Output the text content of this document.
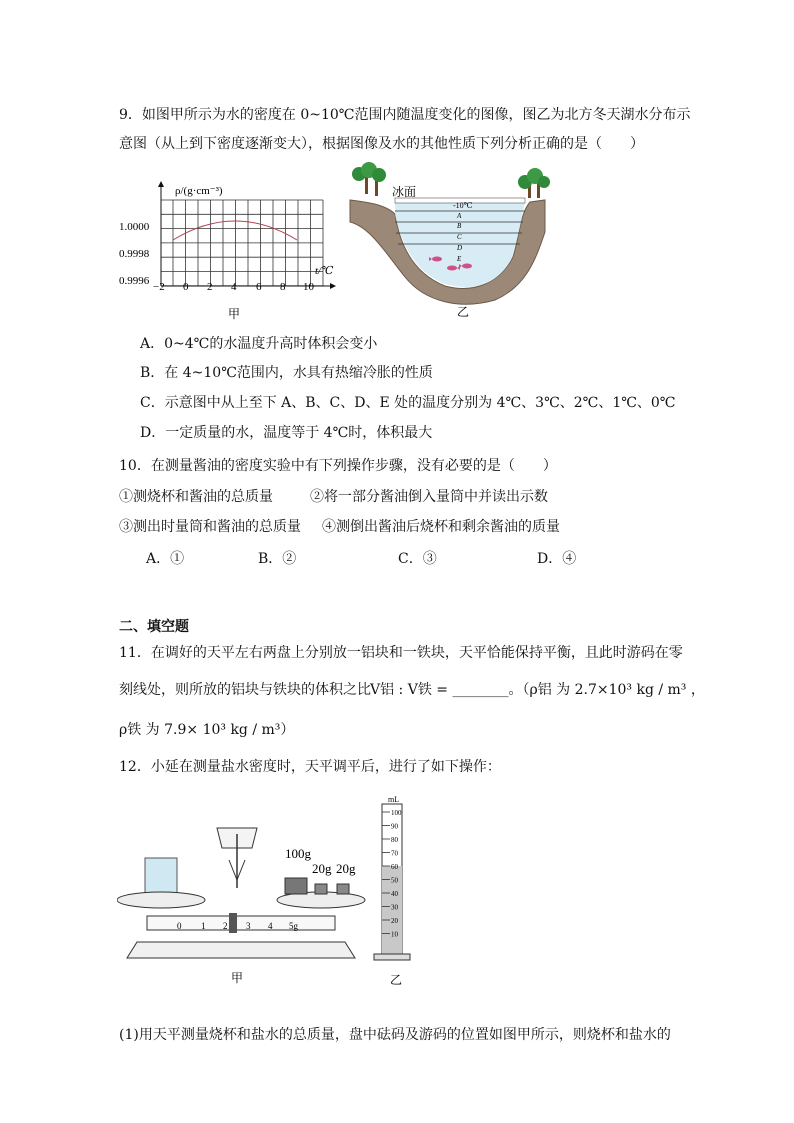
9．如图甲所示为水的密度在 0~10℃范围内随温度变化的图像，图乙为北方冬天湖水分布示
意图（从上到下密度逐渐变大），根据图像及水的其他性质下列分析正确的是（　　）
ρ/(g·cm⁻³)
t/℃
1.0000
0.9998
0.9996 −2 0 2 4 6 8 10
甲
冰面
-10℃
A
B
C
D
E
乙
A．0~4℃的水温度升高时体积会变小
B．在 4~10℃范围内，水具有热缩冷胀的性质
C．示意图中从上至下 A、B、C、D、E 处的温度分别为 4℃、3℃、2℃、1℃、0℃
D．一定质量的水，温度等于 4℃时，体积最大
10．在测量酱油的密度实验中有下列操作步骤，没有必要的是（　　）
①测烧杯和酱油的总质量	②将一部分酱油倒入量筒中并读出示数
③测出时量筒和酱油的总质量 ④测倒出酱油后烧杯和剩余酱油的质量
A．①	B．②	C．③	D．④
二、填空题
11．在调好的天平左右两盘上分别放一铝块和一铁块，天平恰能保持平衡，且此时游码在零
刻线处，则所放的铝块与铁块的体积之比 V铝 : V铁 = ________。（ρ铝 为 2.7×10³ kg / m³ ，
ρ铁 为 7.9× 10³ kg / m³）
12．小延在测量盐水密度时，天平调平后，进行了如下操作：
100g
20g 20g
0 1 2 3 4 5g
甲
mL
100
90
80
70
60
50
40
30
20
10
乙
(1)用天平测量烧杯和盐水的总质量，盘中砝码及游码的位置如图甲所示，则烧杯和盐水的
